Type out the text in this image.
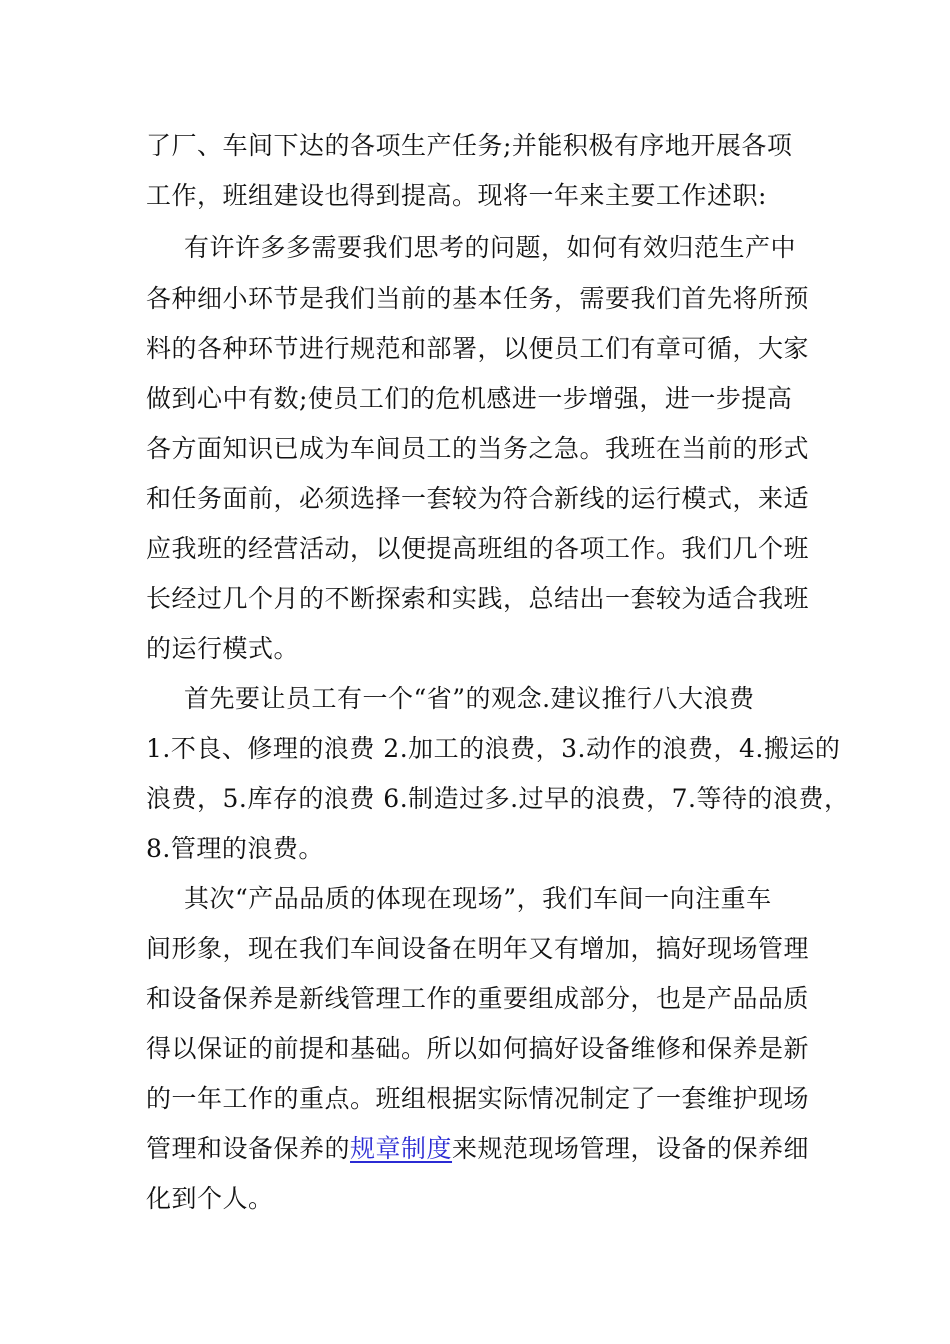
了厂、车间下达的各项生产任务;并能积极有序地开展各项
工作，班组建设也得到提高。现将一年来主要工作述职:
有许许多多需要我们思考的问题，如何有效归范生产中
各种细小环节是我们当前的基本任务，需要我们首先将所预
料的各种环节进行规范和部署，以便员工们有章可循，大家
做到心中有数;使员工们的危机感进一步增强，进一步提高
各方面知识已成为车间员工的当务之急。我班在当前的形式
和任务面前，必须选择一套较为符合新线的运行模式，来适
应我班的经营活动，以便提高班组的各项工作。我们几个班
长经过几个月的不断探索和实践，总结出一套较为适合我班
的运行模式。
首先要让员工有一个“省”的观念.建议推行八大浪费
1.不良、修理的浪费 2.加工的浪费，3.动作的浪费，4.搬运的
浪费，5.库存的浪费 6.制造过多.过早的浪费，7.等待的浪费，
8.管理的浪费。
其次“产品品质的体现在现场”，我们车间一向注重车
间形象，现在我们车间设备在明年又有增加，搞好现场管理
和设备保养是新线管理工作的重要组成部分，也是产品品质
得以保证的前提和基础。所以如何搞好设备维修和保养是新
的一年工作的重点。班组根据实际情况制定了一套维护现场
管理和设备保养的规章制度来规范现场管理，设备的保养细
化到个人。
